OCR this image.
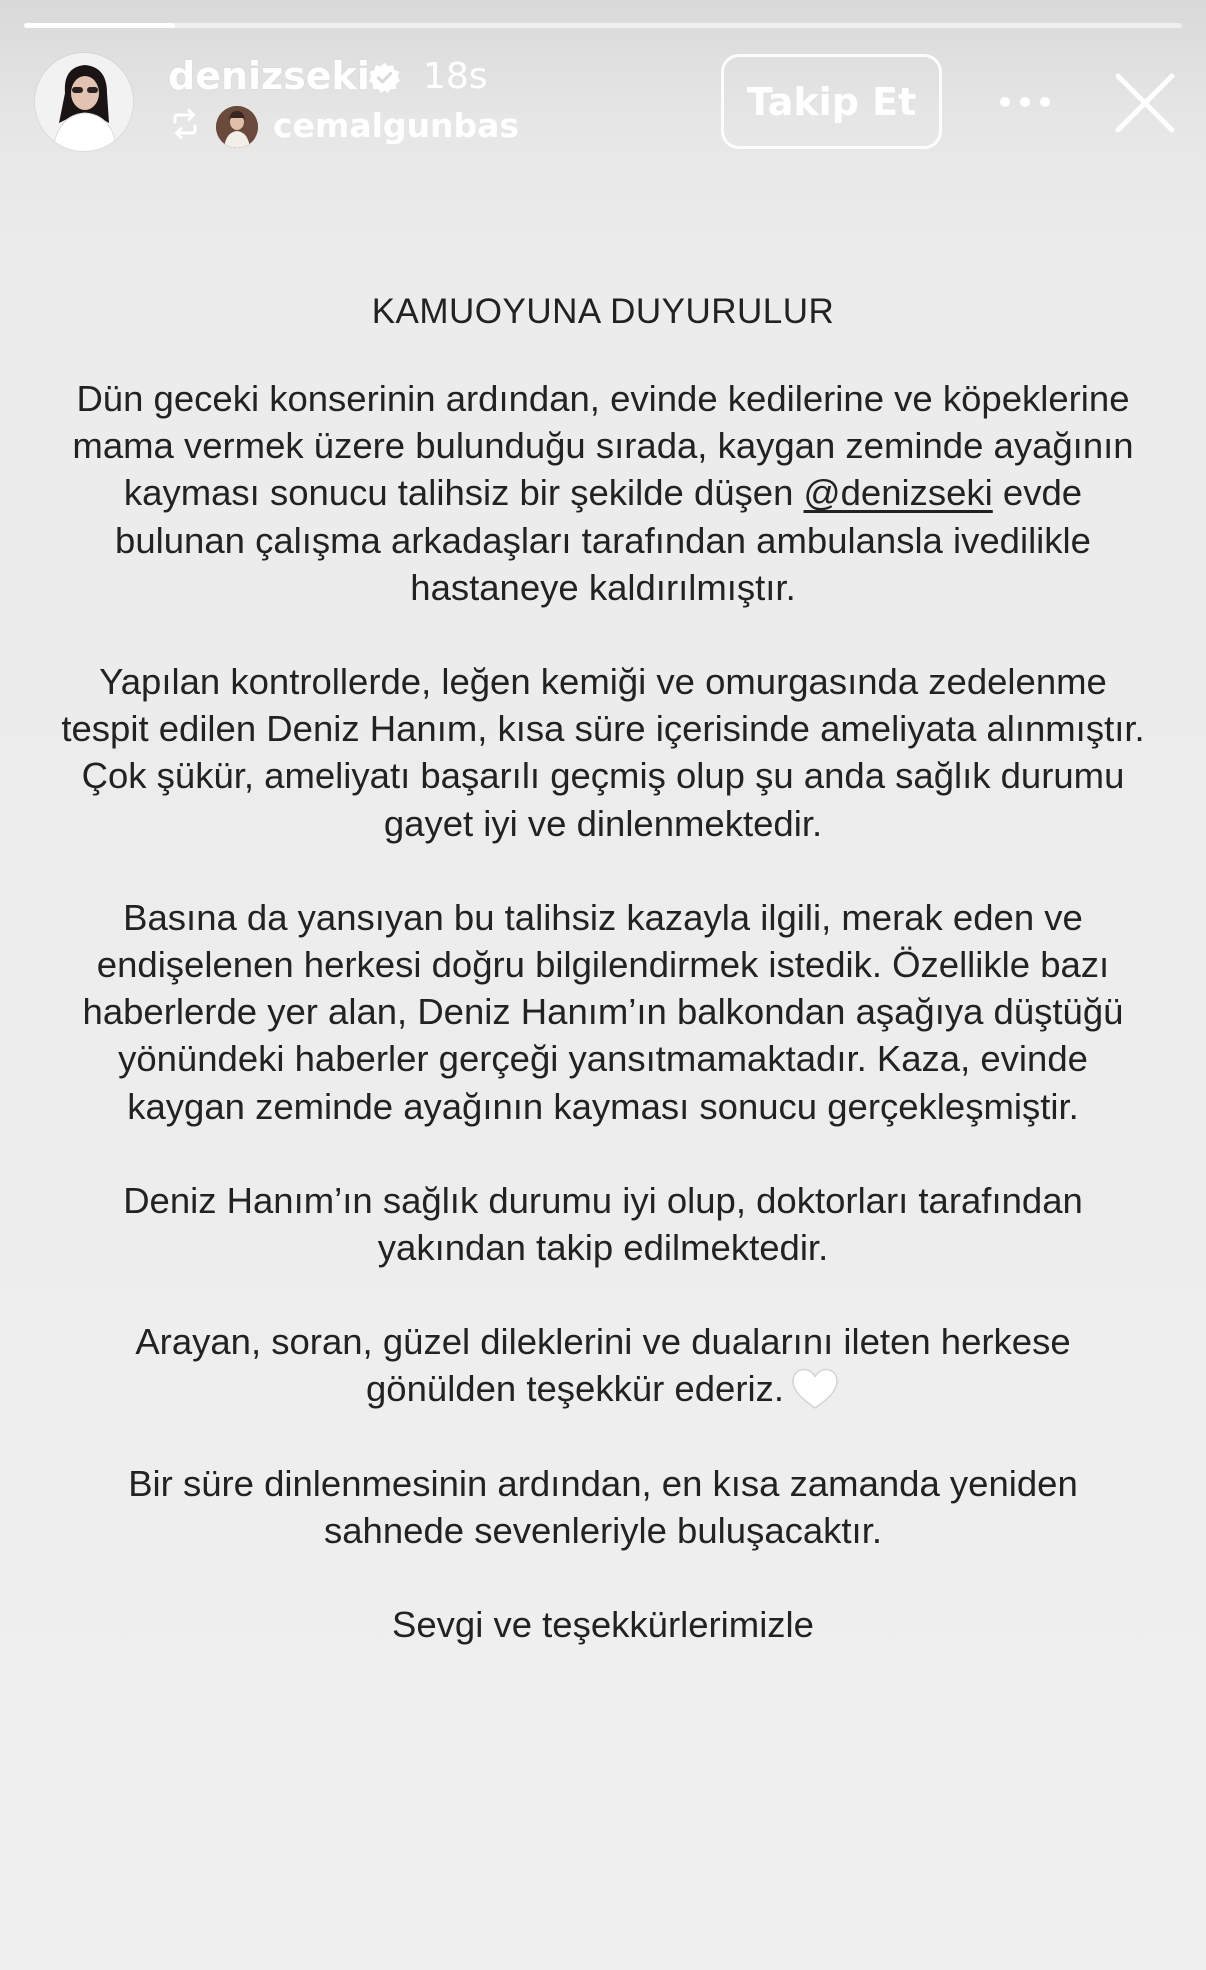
denizseki 18s
cemalgunbas
Takip Et
KAMUOYUNA DUYURULUR

Dün geceki konserinin ardından, evinde kedilerine ve köpeklerine mama vermek üzere bulunduğu sırada, kaygan zeminde ayağının kayması sonucu talihsiz bir şekilde düşen @denizseki evde bulunan çalışma arkadaşları tarafından ambulansla ivedilikle hastaneye kaldırılmıştır.

Yapılan kontrollerde, leğen kemiği ve omurgasında zedelenme tespit edilen Deniz Hanım, kısa süre içerisinde ameliyata alınmıştır. Çok şükür, ameliyatı başarılı geçmiş olup şu anda sağlık durumu gayet iyi ve dinlenmektedir.

Basına da yansıyan bu talihsiz kazayla ilgili, merak eden ve endişelenen herkesi doğru bilgilendirmek istedik. Özellikle bazı haberlerde yer alan, Deniz Hanım’ın balkondan aşağıya düştüğü yönündeki haberler gerçeği yansıtmamaktadır. Kaza, evinde kaygan zeminde ayağının kayması sonucu gerçekleşmiştir.

Deniz Hanım’ın sağlık durumu iyi olup, doktorları tarafından yakından takip edilmektedir.

Arayan, soran, güzel dileklerini ve dualarını ileten herkese gönülden teşekkür ederiz.

Bir süre dinlenmesinin ardından, en kısa zamanda yeniden sahnede sevenleriyle buluşacaktır.

Sevgi ve teşekkürlerimizle
